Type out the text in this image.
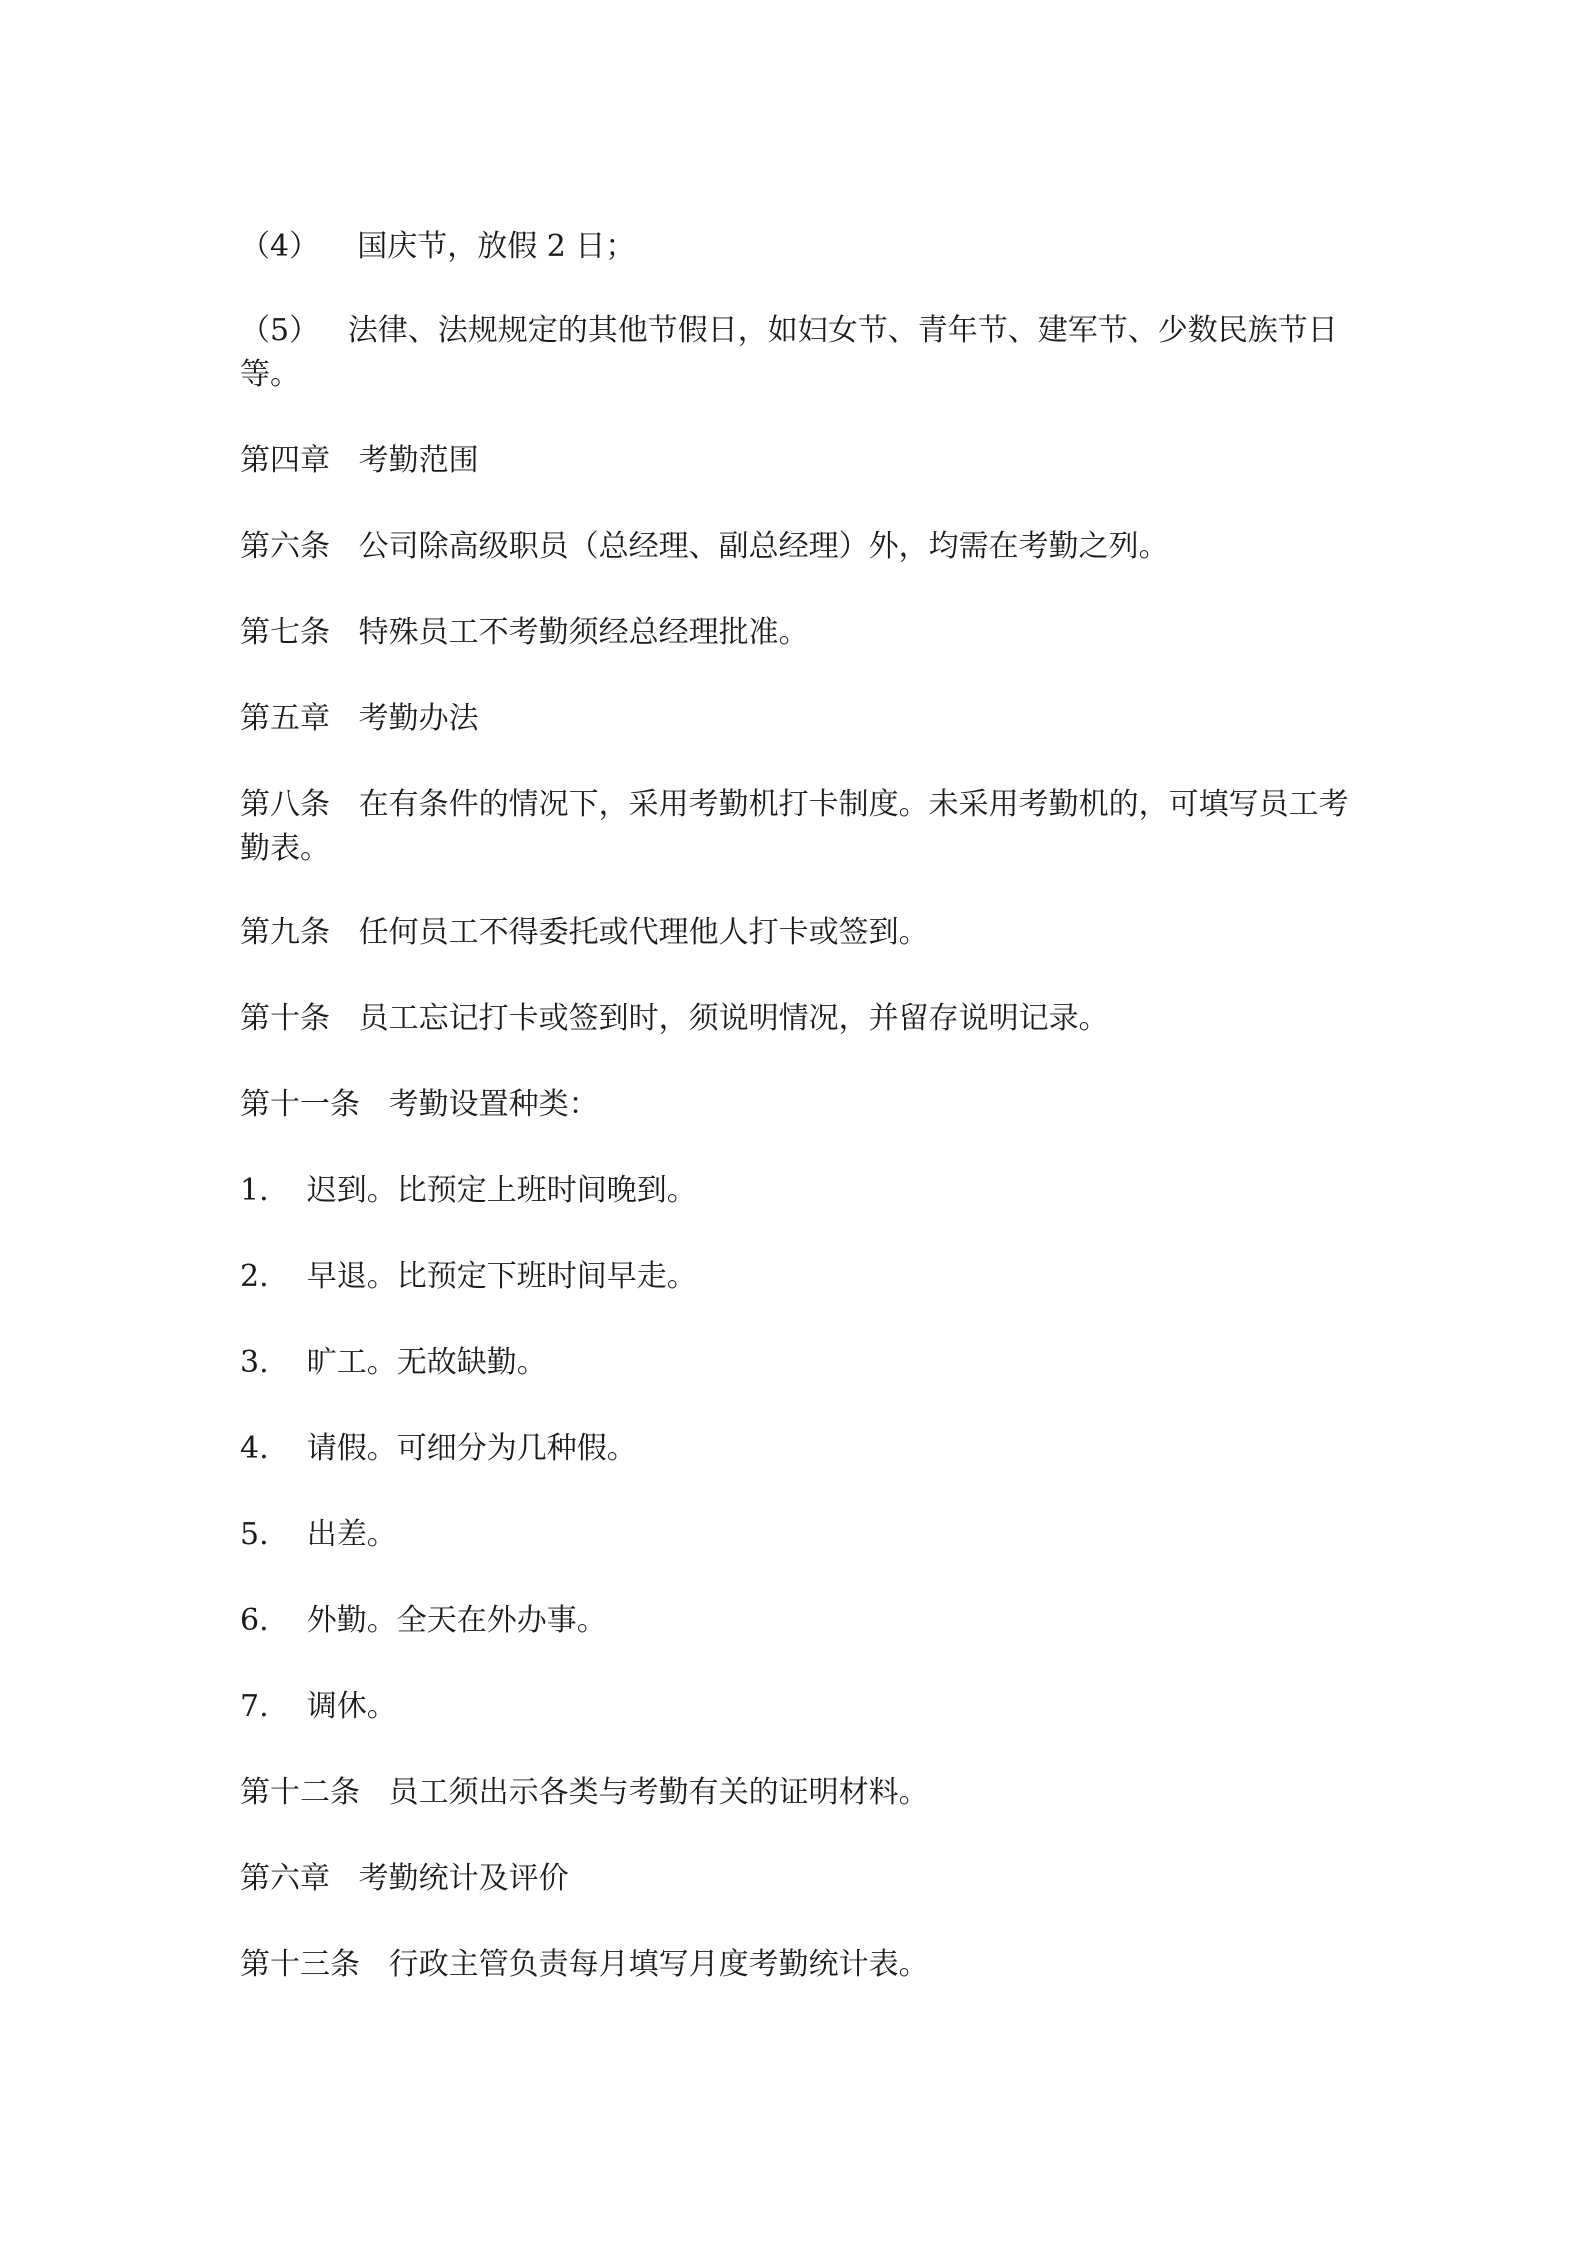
（4） 国庆节，放假 2 日；

（5） 法律、法规规定的其他节假日，如妇女节、青年节、建军节、少数民族节日等。

第四章 考勤范围

第六条 公司除高级职员（总经理、副总经理）外，均需在考勤之列。

第七条 特殊员工不考勤须经总经理批准。

第五章 考勤办法

第八条 在有条件的情况下，采用考勤机打卡制度。未采用考勤机的，可填写员工考勤表。

第九条 任何员工不得委托或代理他人打卡或签到。

第十条 员工忘记打卡或签到时，须说明情况，并留存说明记录。

第十一条 考勤设置种类：

1. 迟到。比预定上班时间晚到。

2. 早退。比预定下班时间早走。

3. 旷工。无故缺勤。

4. 请假。可细分为几种假。

5. 出差。

6. 外勤。全天在外办事。

7. 调休。

第十二条 员工须出示各类与考勤有关的证明材料。

第六章 考勤统计及评价

第十三条 行政主管负责每月填写月度考勤统计表。
